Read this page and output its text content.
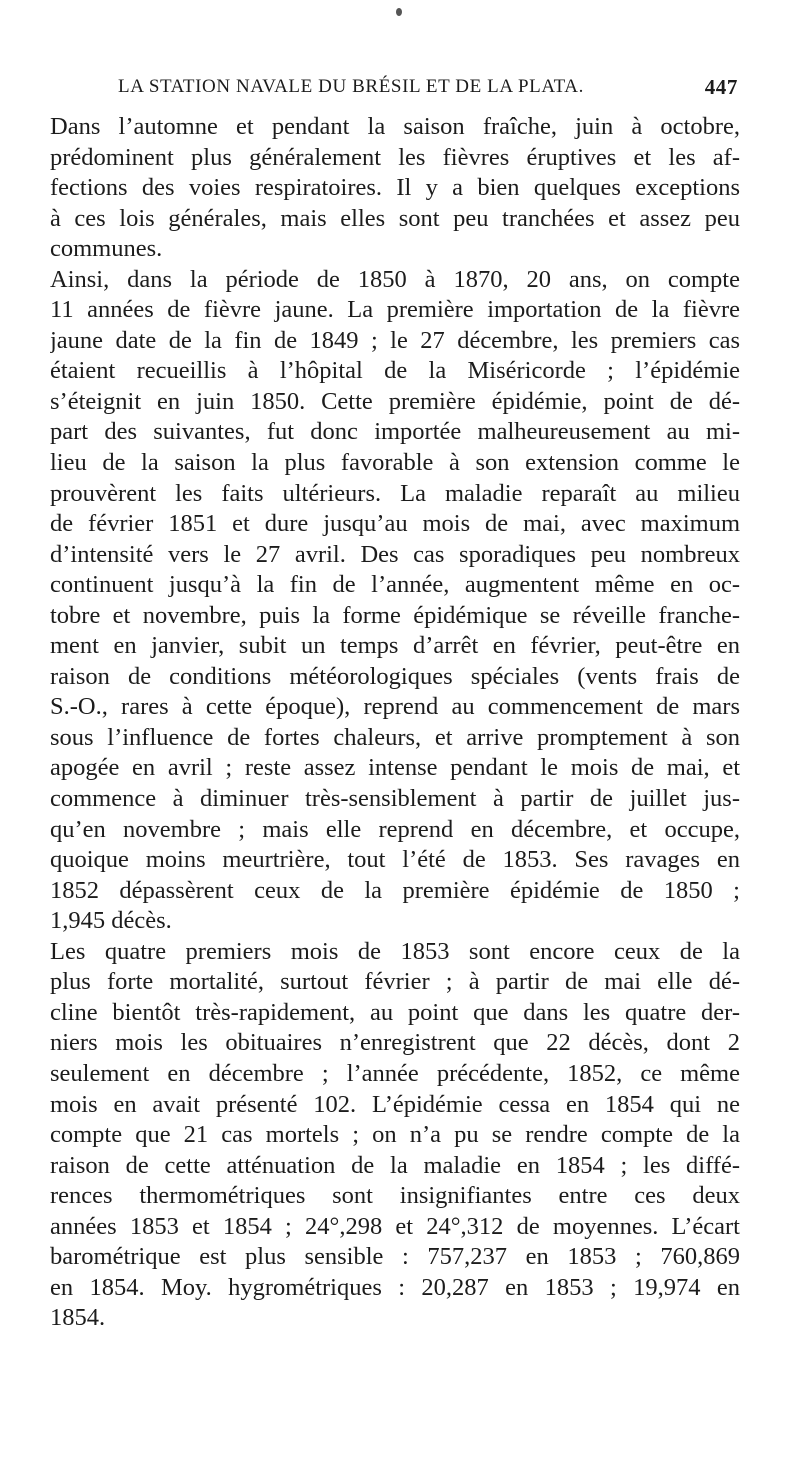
LA STATION NAVALE DU BRÉSIL ET DE LA PLATA.	447
Dans l’automne et pendant la saison fraîche, juin à octobre,
prédominent plus généralement les fièvres éruptives et les af-
fections des voies respiratoires. Il y a bien quelques exceptions
à ces lois générales, mais elles sont peu tranchées et assez peu
communes.
Ainsi, dans la période de 1850 à 1870, 20 ans, on compte
11 années de fièvre jaune. La première importation de la fièvre
jaune date de la fin de 1849 ; le 27 décembre, les premiers cas
étaient recueillis à l’hôpital de la Miséricorde ; l’épidémie
s’éteignit en juin 1850. Cette première épidémie, point de dé-
part des suivantes, fut donc importée malheureusement au mi-
lieu de la saison la plus favorable à son extension comme le
prouvèrent les faits ultérieurs. La maladie reparaît au milieu
de février 1851 et dure jusqu’au mois de mai, avec maximum
d’intensité vers le 27 avril. Des cas sporadiques peu nombreux
continuent jusqu’à la fin de l’année, augmentent même en oc-
tobre et novembre, puis la forme épidémique se réveille franche-
ment en janvier, subit un temps d’arrêt en février, peut-être en
raison de conditions météorologiques spéciales (vents frais de
S.-O., rares à cette époque), reprend au commencement de mars
sous l’influence de fortes chaleurs, et arrive promptement à son
apogée en avril ; reste assez intense pendant le mois de mai, et
commence à diminuer très-sensiblement à partir de juillet jus-
qu’en novembre ; mais elle reprend en décembre, et occupe,
quoique moins meurtrière, tout l’été de 1853. Ses ravages en
1852 dépassèrent ceux de la première épidémie de 1850 ;
1,945 décès.
Les quatre premiers mois de 1853 sont encore ceux de la
plus forte mortalité, surtout février ; à partir de mai elle dé-
cline bientôt très-rapidement, au point que dans les quatre der-
niers mois les obituaires n’enregistrent que 22 décès, dont 2
seulement en décembre ; l’année précédente, 1852, ce même
mois en avait présenté 102. L’épidémie cessa en 1854 qui ne
compte que 21 cas mortels ; on n’a pu se rendre compte de la
raison de cette atténuation de la maladie en 1854 ; les diffé-
rences thermométriques sont insignifiantes entre ces deux
années 1853 et 1854 ; 24°,298 et 24°,312 de moyennes. L’écart
barométrique est plus sensible : 757,237 en 1853 ; 760,869
en 1854. Moy. hygrométriques : 20,287 en 1853 ; 19,974 en
1854.
